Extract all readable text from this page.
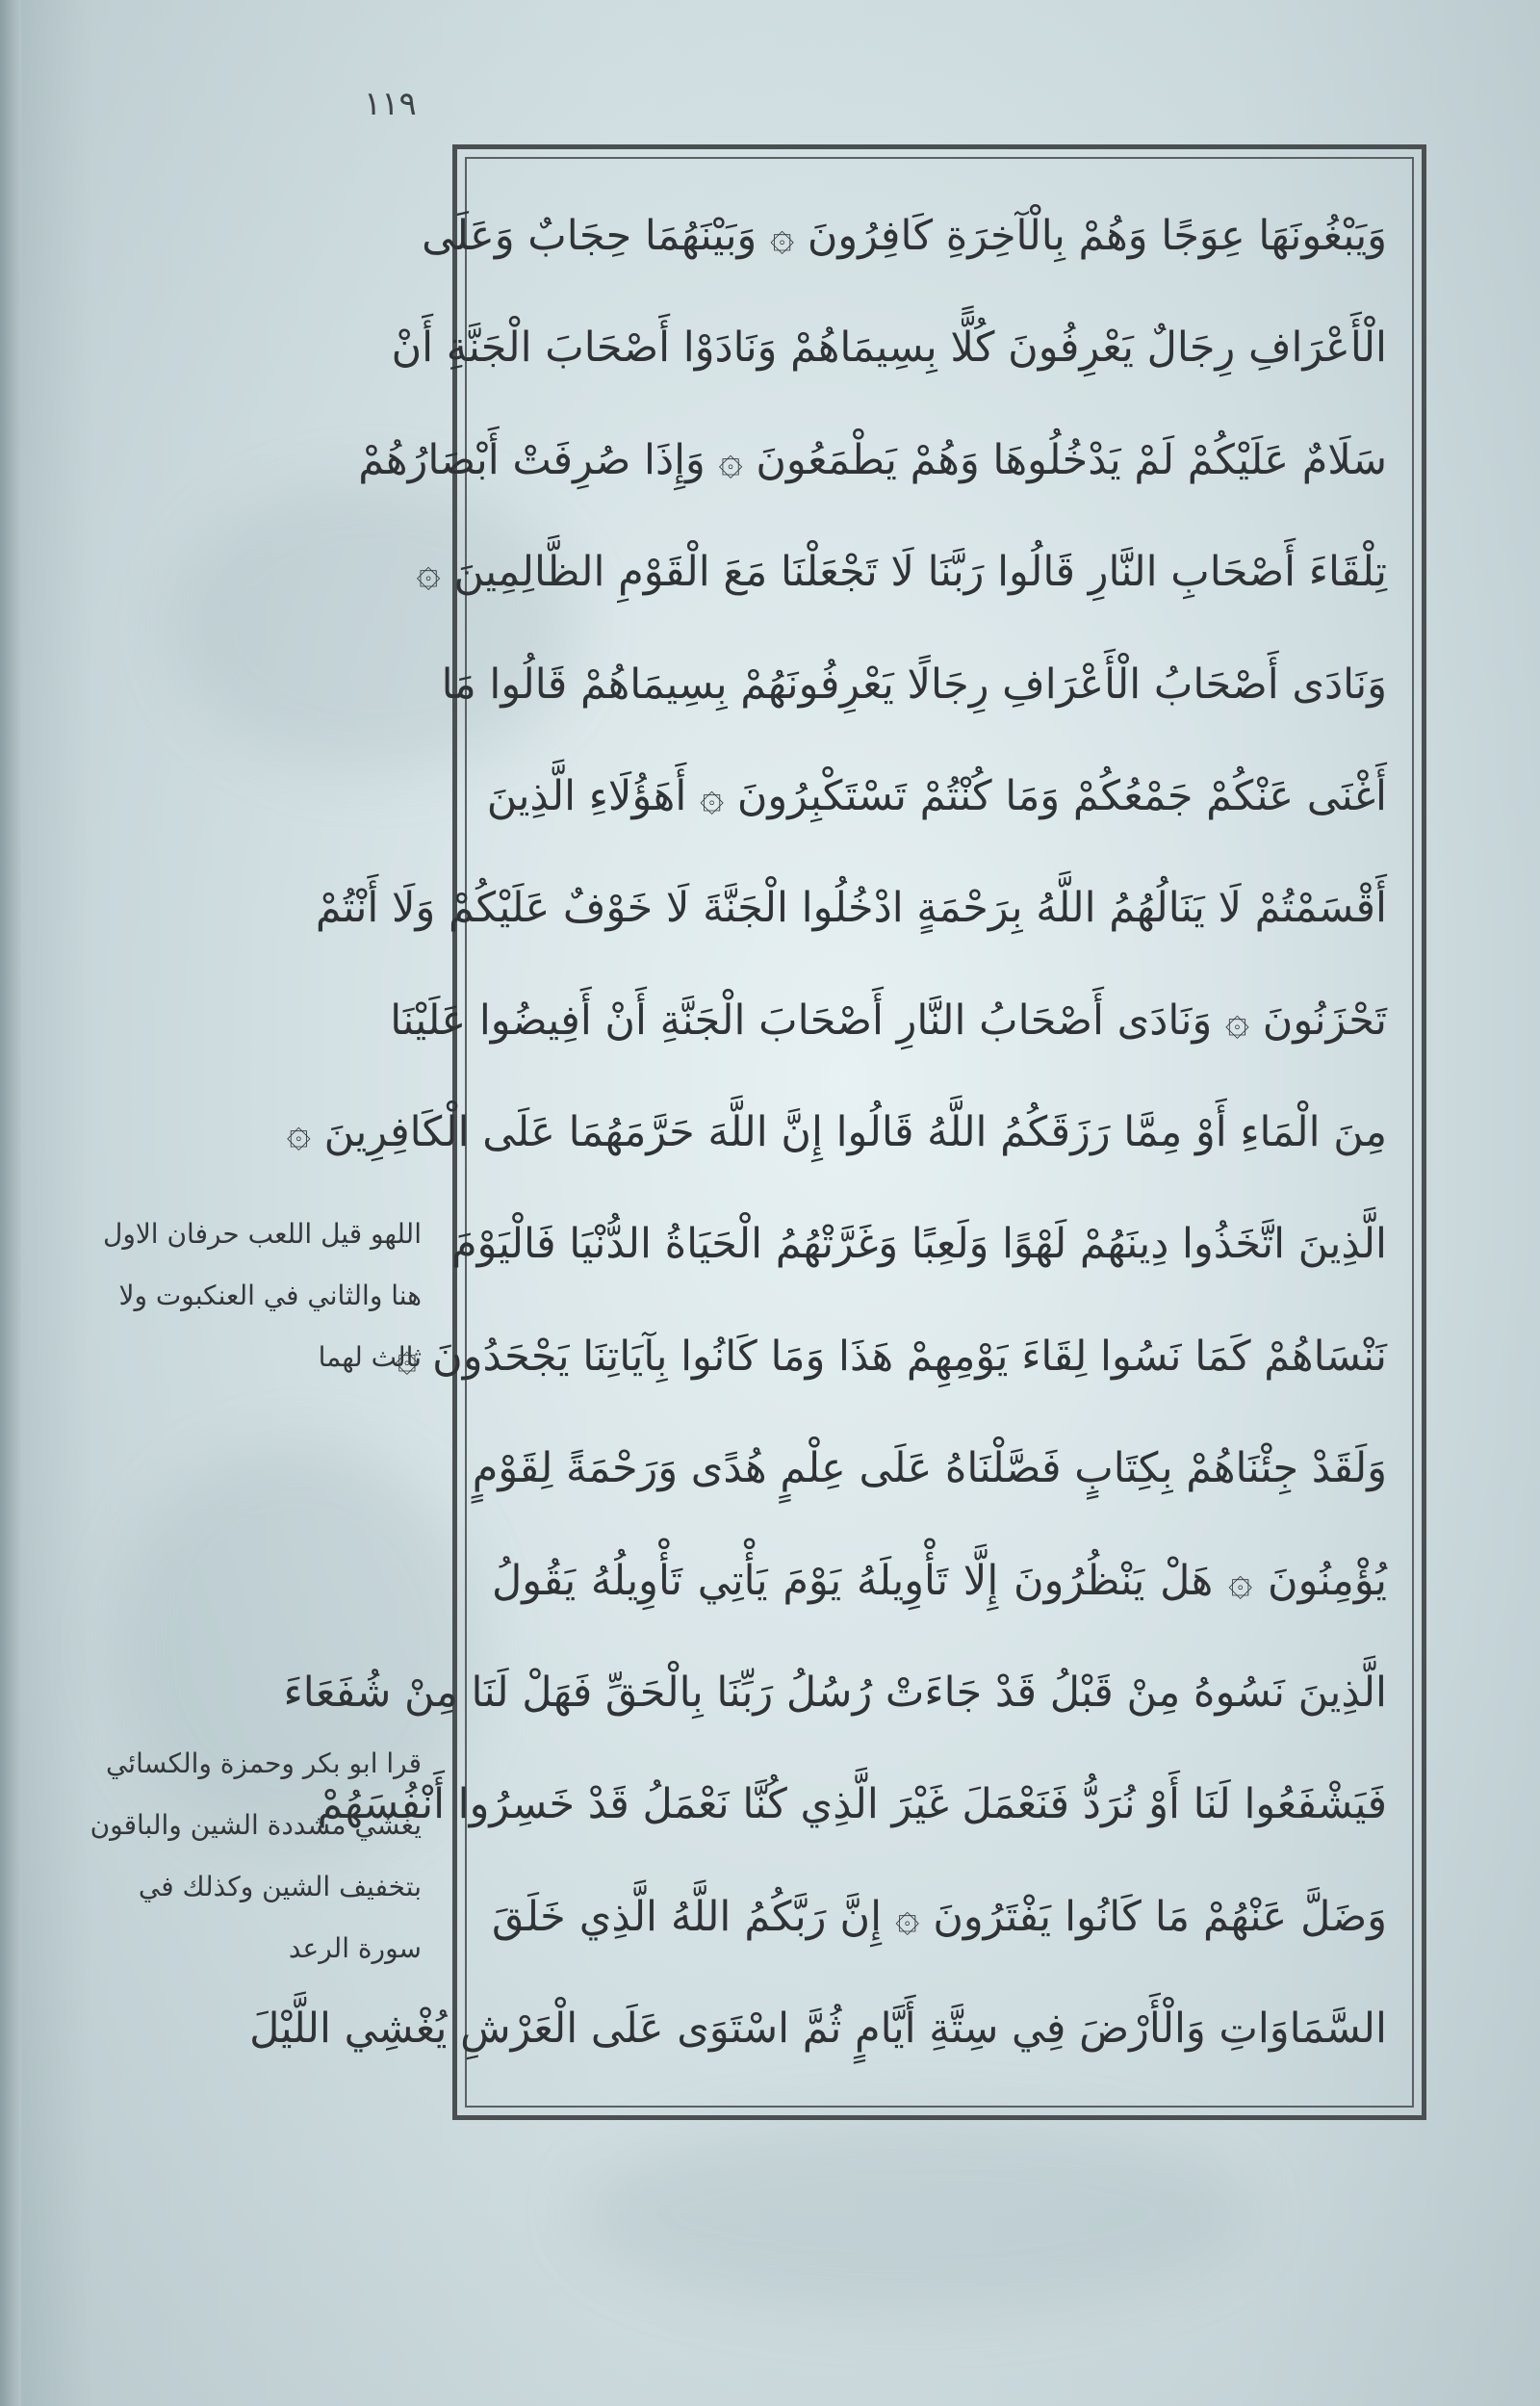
١١٩
وَيَبْغُونَهَا عِوَجًا وَهُمْ بِالْآخِرَةِ كَافِرُونَ ۞ وَبَيْنَهُمَا حِجَابٌ وَعَلَى
الْأَعْرَافِ رِجَالٌ يَعْرِفُونَ كُلًّا بِسِيمَاهُمْ وَنَادَوْا أَصْحَابَ الْجَنَّةِ أَنْ
سَلَامٌ عَلَيْكُمْ لَمْ يَدْخُلُوهَا وَهُمْ يَطْمَعُونَ ۞ وَإِذَا صُرِفَتْ أَبْصَارُهُمْ
تِلْقَاءَ أَصْحَابِ النَّارِ قَالُوا رَبَّنَا لَا تَجْعَلْنَا مَعَ الْقَوْمِ الظَّالِمِينَ ۞
وَنَادَى أَصْحَابُ الْأَعْرَافِ رِجَالًا يَعْرِفُونَهُمْ بِسِيمَاهُمْ قَالُوا مَا
أَغْنَى عَنْكُمْ جَمْعُكُمْ وَمَا كُنْتُمْ تَسْتَكْبِرُونَ ۞ أَهَؤُلَاءِ الَّذِينَ
أَقْسَمْتُمْ لَا يَنَالُهُمُ اللَّهُ بِرَحْمَةٍ ادْخُلُوا الْجَنَّةَ لَا خَوْفٌ عَلَيْكُمْ وَلَا أَنْتُمْ
تَحْزَنُونَ ۞ وَنَادَى أَصْحَابُ النَّارِ أَصْحَابَ الْجَنَّةِ أَنْ أَفِيضُوا عَلَيْنَا
مِنَ الْمَاءِ أَوْ مِمَّا رَزَقَكُمُ اللَّهُ قَالُوا إِنَّ اللَّهَ حَرَّمَهُمَا عَلَى الْكَافِرِينَ ۞
الَّذِينَ اتَّخَذُوا دِينَهُمْ لَهْوًا وَلَعِبًا وَغَرَّتْهُمُ الْحَيَاةُ الدُّنْيَا فَالْيَوْمَ
نَنْسَاهُمْ كَمَا نَسُوا لِقَاءَ يَوْمِهِمْ هَذَا وَمَا كَانُوا بِآيَاتِنَا يَجْحَدُونَ ۞
وَلَقَدْ جِئْنَاهُمْ بِكِتَابٍ فَصَّلْنَاهُ عَلَى عِلْمٍ هُدًى وَرَحْمَةً لِقَوْمٍ
يُؤْمِنُونَ ۞ هَلْ يَنْظُرُونَ إِلَّا تَأْوِيلَهُ يَوْمَ يَأْتِي تَأْوِيلُهُ يَقُولُ
الَّذِينَ نَسُوهُ مِنْ قَبْلُ قَدْ جَاءَتْ رُسُلُ رَبِّنَا بِالْحَقِّ فَهَلْ لَنَا مِنْ شُفَعَاءَ
فَيَشْفَعُوا لَنَا أَوْ نُرَدُّ فَنَعْمَلَ غَيْرَ الَّذِي كُنَّا نَعْمَلُ قَدْ خَسِرُوا أَنْفُسَهُمْ
وَضَلَّ عَنْهُمْ مَا كَانُوا يَفْتَرُونَ ۞ إِنَّ رَبَّكُمُ اللَّهُ الَّذِي خَلَقَ
السَّمَاوَاتِ وَالْأَرْضَ فِي سِتَّةِ أَيَّامٍ ثُمَّ اسْتَوَى عَلَى الْعَرْشِ يُغْشِي اللَّيْلَ
اللهو قيل اللعب حرفان الاول
هنا والثاني في العنكبوت ولا
ثالث لهما
قرا ابو بكر وحمزة والكسائي
يغشي مشددة الشين والباقون
بتخفيف الشين وكذلك في
سورة الرعد
